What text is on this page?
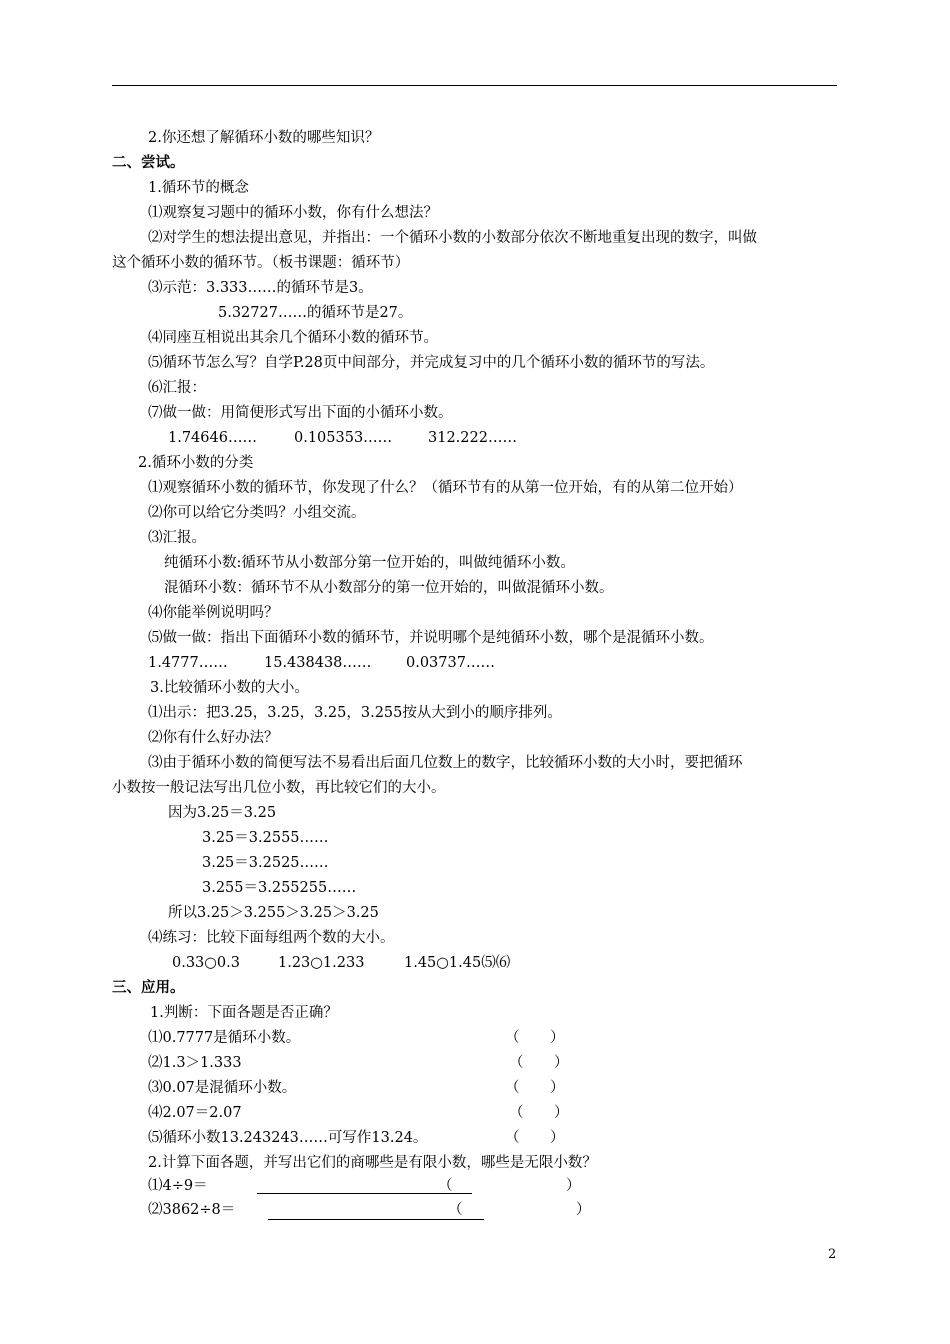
2.你还想了解循环小数的哪些知识？
二、尝试。
1.循环节的概念
⑴观察复习题中的循环小数，你有什么想法？
⑵对学生的想法提出意见，并指出：一个循环小数的小数部分依次不断地重复出现的数字，叫做
这个循环小数的循环节。（板书课题：循环节）
⑶示范：3.333……的循环节是3。
5.32727……的循环节是27。
⑷同座互相说出其余几个循环小数的循环节。
⑸循环节怎么写？自学P.28页中间部分，并完成复习中的几个循环小数的循环节的写法。
⑹汇报：
⑺做一做：用简便形式写出下面的小循环小数。
1.74646……	0.105353…… 312.222……
2.循环小数的分类
⑴观察循环小数的循环节，你发现了什么？（循环节有的从第一位开始，有的从第二位开始）
⑵你可以给它分类吗？小组交流。
⑶汇报。
纯循环小数:循环节从小数部分第一位开始的，叫做纯循环小数。
混循环小数：循环节不从小数部分的第一位开始的，叫做混循环小数。
⑷你能举例说明吗？
⑸做一做：指出下面循环小数的循环节，并说明哪个是纯循环小数，哪个是混循环小数。
1.4777……	15.438438…… 0.03737……
3.比较循环小数的大小。
⑴出示：把3.25，3.25，3.25，3.255按从大到小的顺序排列。
⑵你有什么好办法？
⑶由于循环小数的简便写法不易看出后面几位数上的数字，比较循环小数的大小时，要把循环
小数按一般记法写出几位小数，再比较它们的大小。
因为3.25＝3.25
3.25＝3.2555……
3.25＝3.2525……
3.255＝3.255255……
所以3.25＞3.255＞3.25＞3.25
⑷练习：比较下面每组两个数的大小。
0.33○0.3	1.23○1.233	1.45○1.45⑸⑹
三、应用。
1.判断：下面各题是否正确？
⑴0.7777是循环小数。	（ ）
⑵1.3＞1.333	（ ）
⑶0.07是混循环小数。	（ ）
⑷2.07＝2.07	（ ）
⑸循环小数13.243243……可写作13.24。	（ ）
2.计算下面各题，并写出它们的商哪些是有限小数，哪些是无限小数？
⑴4÷9＝	（	）
⑵3862÷8＝	（	）
2
